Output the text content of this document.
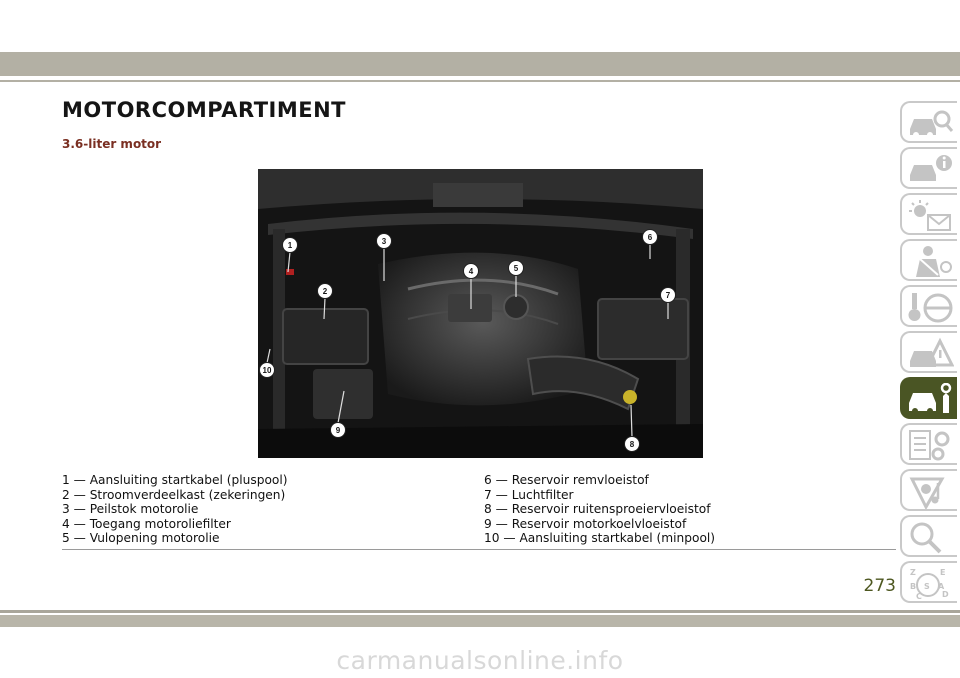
MOTORCOMPARTIMENT
3.6-liter motor
1
2
3
4	5
6
7
8
9
10
1 — Aansluiting startkabel (pluspool)
2 — Stroomverdeelkast (zekeringen)
3 — Peilstok motorolie
4 — Toegang motoroliefilter
5 — Vulopening motorolie
6 — Reservoir remvloeistof
7 — Luchtfilter
8 — Reservoir ruitensproeiervloeistof
9 — Reservoir motorkoelvloeistof
10 — Aansluiting startkabel (minpool)
273
carmanualsonline.info
Z	E
B S A
C	D
